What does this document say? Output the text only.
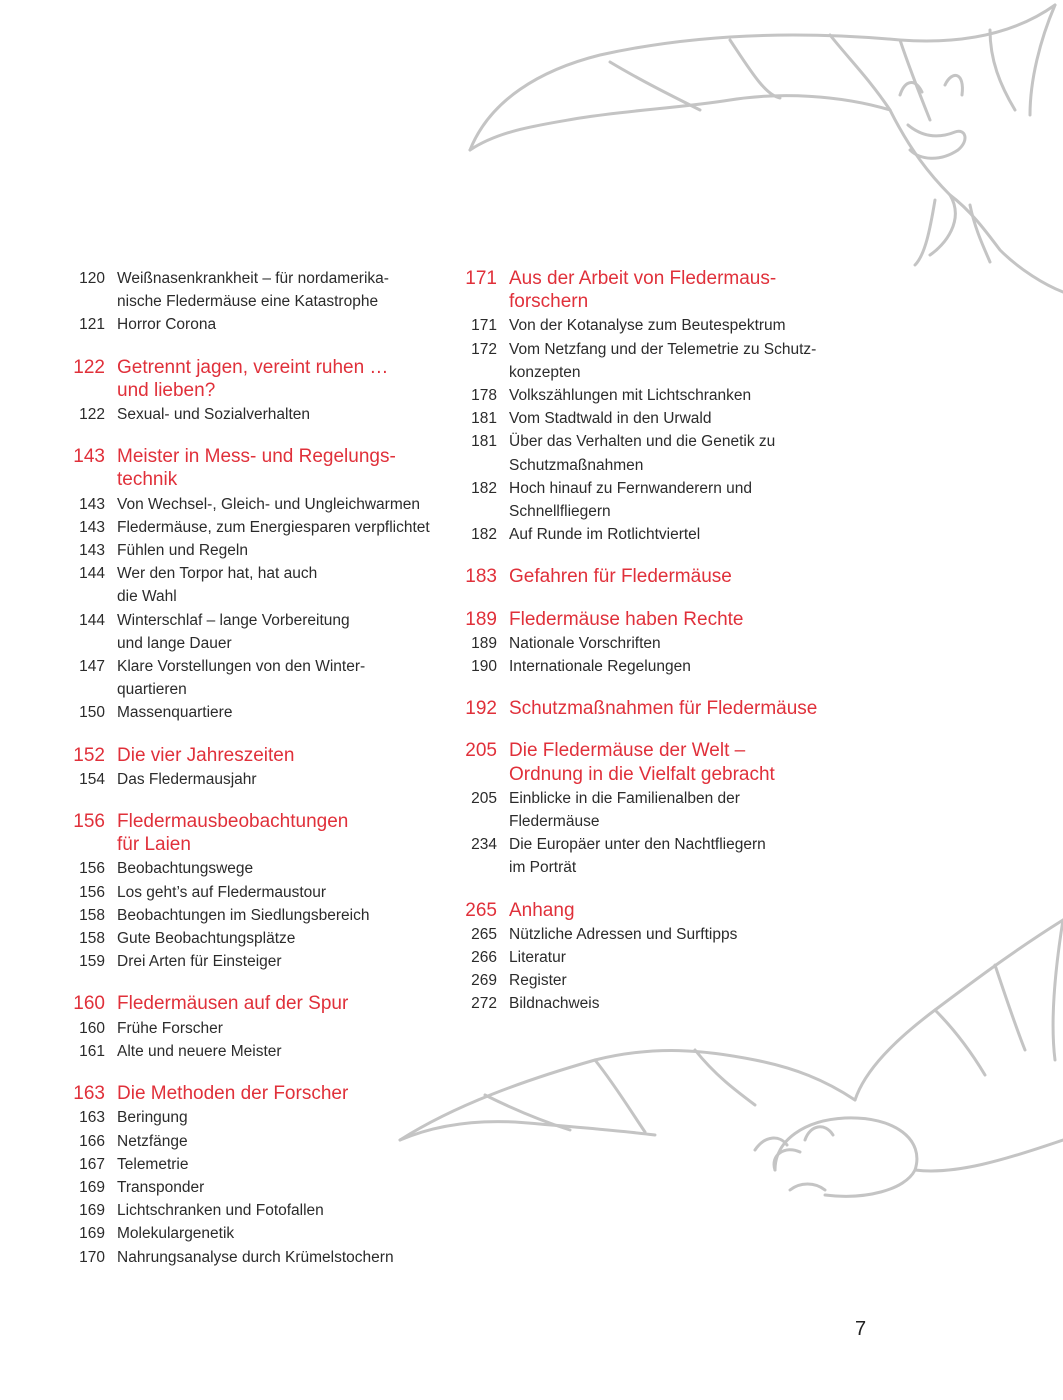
120 Weißnasenkrankheit – für nordamerika-
nische Fledermäuse eine Katastrophe
121 Horror Corona
122 Getrennt jagen, vereint ruhen …
und lieben?
122 Sexual- und Sozialverhalten
143 Meister in Mess- und Regelungs-
technik
143 Von Wechsel-, Gleich- und Ungleichwarmen
143 Fledermäuse, zum Energiesparen verpflichtet
143 Fühlen und Regeln
144 Wer den Torpor hat, hat auch
die Wahl
144 Winterschlaf – lange Vorbereitung
und lange Dauer
147 Klare Vorstellungen von den Winter-
quartieren
150 Massenquartiere
152 Die vier Jahreszeiten
154 Das Fledermausjahr
156 Fledermausbeobachtungen
für Laien
156 Beobachtungswege
156 Los geht’s auf Fledermaustour
158 Beobachtungen im Siedlungsbereich
158 Gute Beobachtungsplätze
159 Drei Arten für Einsteiger
160 Fledermäusen auf der Spur
160 Frühe Forscher
161 Alte und neuere Meister
163 Die Methoden der Forscher
163 Beringung
166 Netzfänge
167 Telemetrie
169 Transponder
169 Lichtschranken und Fotofallen
169 Molekulargenetik
170 Nahrungsanalyse durch Krümelstochern
171 Aus der Arbeit von Fledermaus-
forschern
171 Von der Kotanalyse zum Beutespektrum
172 Vom Netzfang und der Telemetrie zu Schutz-
konzepten
178 Volkszählungen mit Lichtschranken
181 Vom Stadtwald in den Urwald
181 Über das Verhalten und die Genetik zu
Schutzmaßnahmen
182 Hoch hinauf zu Fernwanderern und
Schnellfliegern
182 Auf Runde im Rotlichtviertel
183 Gefahren für Fledermäuse
189 Fledermäuse haben Rechte
189 Nationale Vorschriften
190 Internationale Regelungen
192 Schutzmaßnahmen für Fledermäuse
205 Die Fledermäuse der Welt –
Ordnung in die Vielfalt gebracht
205 Einblicke in die Familienalben der
Fledermäuse
234 Die Europäer unter den Nachtfliegern
im Porträt
265 Anhang
265 Nützliche Adressen und Surftipps
266 Literatur
269 Register
272 Bildnachweis
7
